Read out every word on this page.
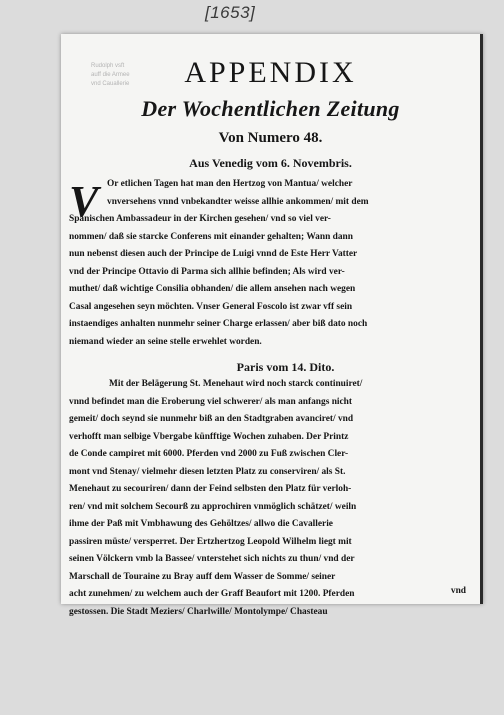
[1653]
Rudolph vsft
auff die Armee
vnd Cauallerie	APPENDIX
Der Wochentlichen Zeitung
Von Numero 48.
Aus Venedig vom 6. Novembris.
V Or etlichen Tagen hat man den Hertzog von Mantua/ welcher
vnversehens vnnd vnbekandter weisse allhie ankommen/ mit dem
Spanischen Ambassadeur in der Kirchen gesehen/ vnd so viel ver-
nommen/ daß sie starcke Conferens mit einander gehalten; Wann dann
nun nebenst diesen auch der Principe de Luigi vnnd de Este Herr Vatter
vnd der Principe Ottavio di Parma sich allhie befinden; Als wird ver-
muthet/ daß wichtige Consilia obhanden/ die allem ansehen nach wegen
Casal angesehen seyn möchten. Vnser General Foscolo ist zwar vff sein
instaendiges anhalten nunmehr seiner Charge erlassen/ aber biß dato noch
niemand wieder an seine stelle erwehlet worden.
Paris vom 14. Dito.
Mit der Belägerung St. Menehaut wird noch starck continuiret/
vnnd befindet man die Eroberung viel schwerer/ als man anfangs nicht
gemeit/ doch seynd sie nunmehr biß an den Stadtgraben avanciret/ vnd
verhofft man selbige Vbergabe künfftige Wochen zuhaben. Der Printz
de Conde campiret mit 6000. Pferden vnd 2000 zu Fuß zwischen Cler-
mont vnd Stenay/ vielmehr diesen letzten Platz zu conserviren/ als St.
Menehaut zu secouriren/ dann der Feind selbsten den Platz für verloh-
ren/ vnd mit solchem Secourß zu approchiren vnmöglich schätzet/ weiln
ihme der Paß mit Vmbhawung des Gehöltzes/ allwo die Cavallerie
passiren müste/ versperret. Der Ertzhertzog Leopold Wilhelm liegt mit
seinen Völckern vmb la Bassee/ vnterstehet sich nichts zu thun/ vnd der
Marschall de Touraine zu Bray auff dem Wasser de Somme/ seiner
acht zunehmen/ zu welchem auch der Graff Beaufort mit 1200. Pferden
gestossen. Die Stadt Meziers/ Charlwille/ Montolympe/ Chasteau
vnd
